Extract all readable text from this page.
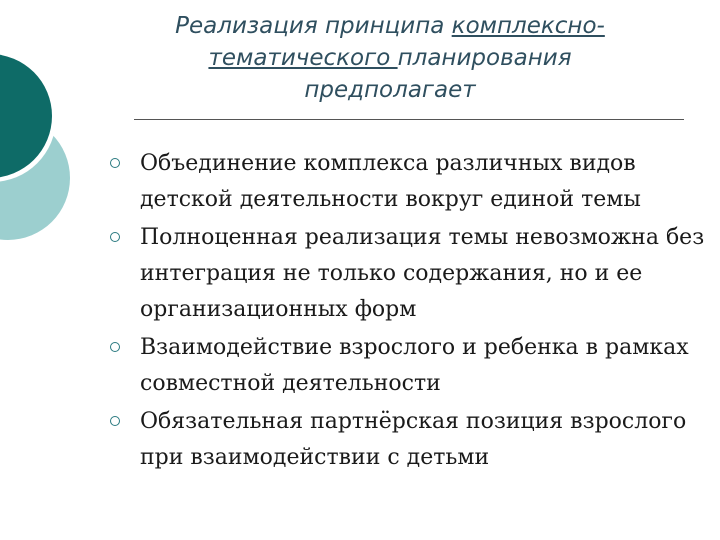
Реализация принципа комплексно-
тематического планирования
предполагает
Объединение комплекса различных видов детской деятельности вокруг единой темы
Полноценная реализация темы невозможна без интеграция не только содержания, но и ее организационных форм
Взаимодействие взрослого и ребенка в рамках совместной деятельности
Обязательная партнёрская позиция взрослого при взаимодействии с детьми
